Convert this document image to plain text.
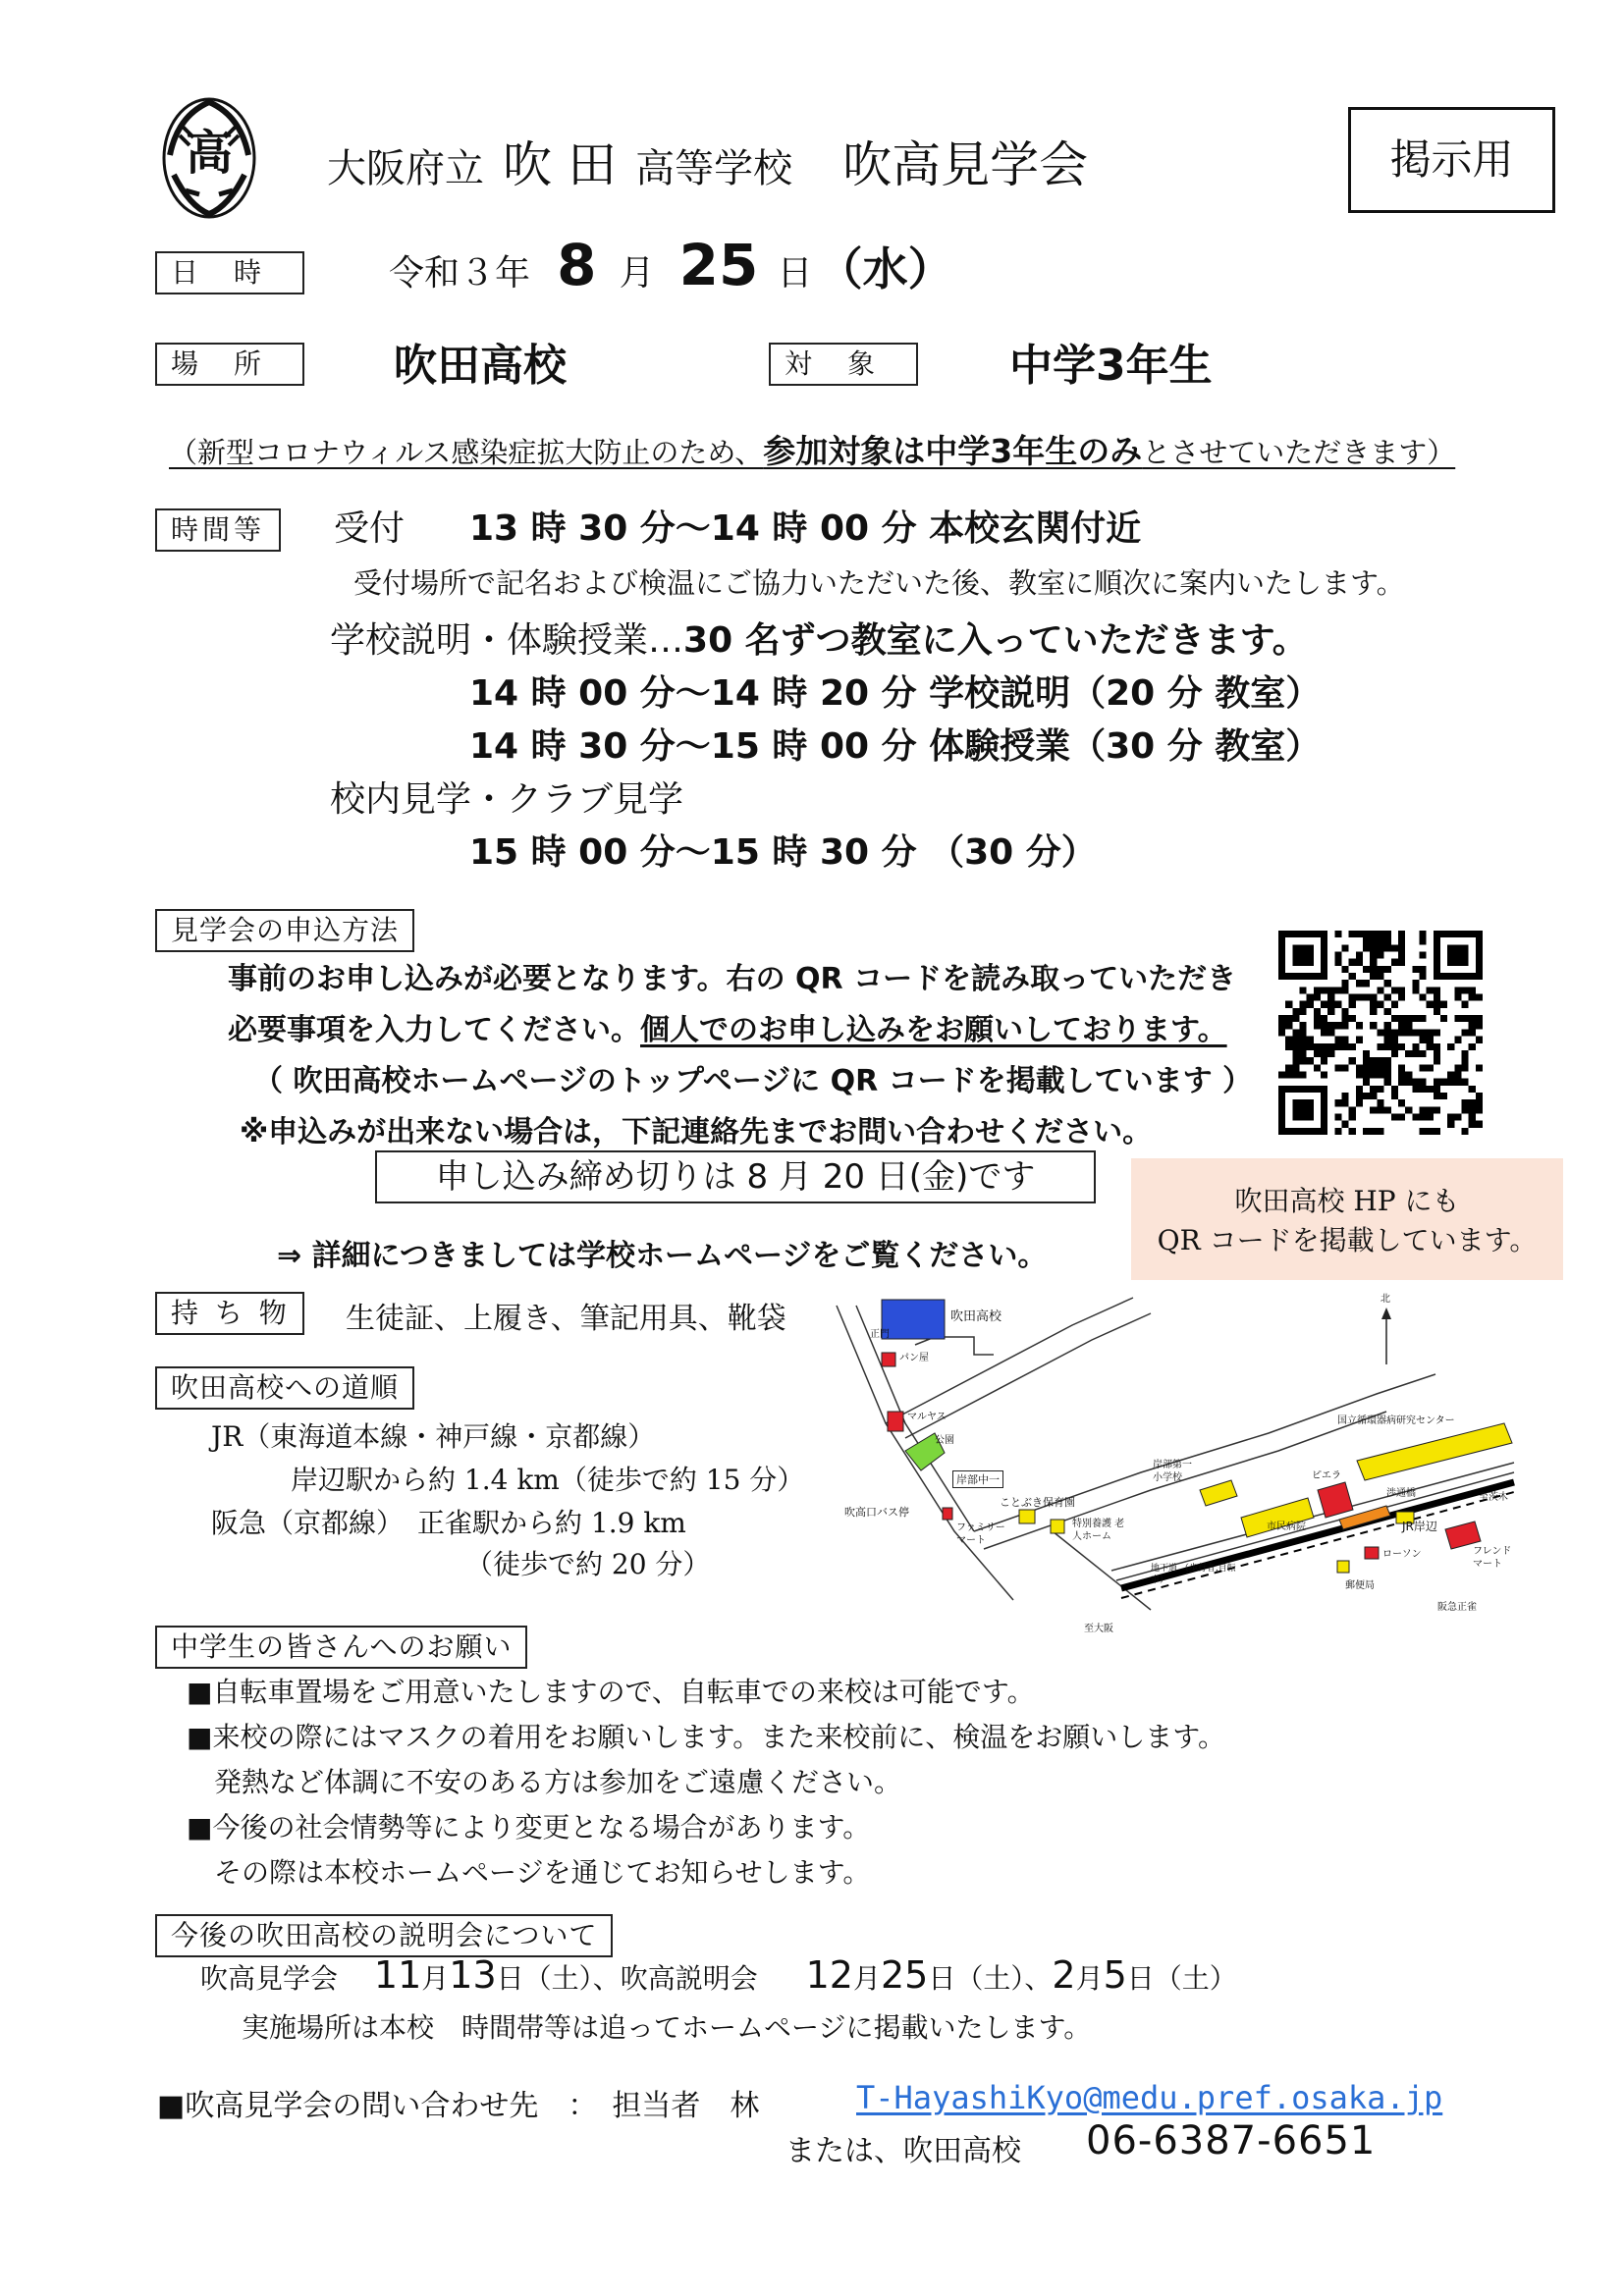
高 大阪府立 吹 田 高等学校 吹高見学会	掲示用
日　時	令和３年 8 月 25 日 （水）
場　所	吹田高校	対　象	中学3年生
（新型コロナウィルス感染症拡大防止のため、参加対象は中学3年生のみとさせていただきます）
時間等	受付 13 時 30 分～14 時 00 分 本校玄関付近
受付場所で記名および検温にご協力いただいた後、教室に順次に案内いたします。
学校説明・体験授業…30 名ずつ教室に入っていただきます。
14 時 00 分～14 時 20 分 学校説明（20 分 教室）
14 時 30 分～15 時 00 分 体験授業（30 分 教室）
校内見学・クラブ見学
15 時 00 分～15 時 30 分 （30 分）
見学会の申込方法
事前のお申し込みが必要となります。右の QR コードを読み取っていただき
必要事項を入力してください。個人でのお申し込みをお願いしております。
（ 吹田高校ホームページのトップページに QR コードを掲載しています ）
※申込みが出来ない場合は，下記連絡先までお問い合わせください。
申し込み締め切りは 8 月 20 日(金)です
⇒ 詳細につきましては学校ホームページをご覧ください。
吹田高校 HP にも
QR コードを掲載しています。
持 ち 物	生徒証、上履き、筆記用具、靴袋
吹田高校への道順
JR（東海道本線・神戸線・京都線）
岸辺駅から約 1.4 km（徒歩で約 15 分）
阪急（京都線）　正雀駅から約 1.9 km
（徒歩で約 20 分）
吹田高校
正門
パン屋
マルヤス
公園
岸部中一
吹高口バス停
ことぶき保育園
ファミリー マート
特別養護 老人ホーム
岸部第一 小学校
市民病院
ピエラ
国立循環器病研究センター
渉通橋
JR岸辺
ローソン
郵便局
フレンド マート
地下道 （歩行者,自転車）
至大阪
阪急正雀
至茨木
北
中学生の皆さんへのお願い
■自転車置場をご用意いたしますので、自転車での来校は可能です。
■来校の際にはマスクの着用をお願いします。また来校前に、検温をお願いします。
発熱など体調に不安のある方は参加をご遠慮ください。
■今後の社会情勢等により変更となる場合があります。
その際は本校ホームページを通じてお知らせします。
今後の吹田高校の説明会について
吹高見学会 11月13日（土）、吹高説明会 12月25日（土）、2月5日（土）
実施場所は本校　時間帯等は追ってホームページに掲載いたします。
■吹高見学会の問い合わせ先　：　担当者　林	T-HayashiKyo@medu.pref.osaka.jp
または、吹田高校 06-6387-6651
